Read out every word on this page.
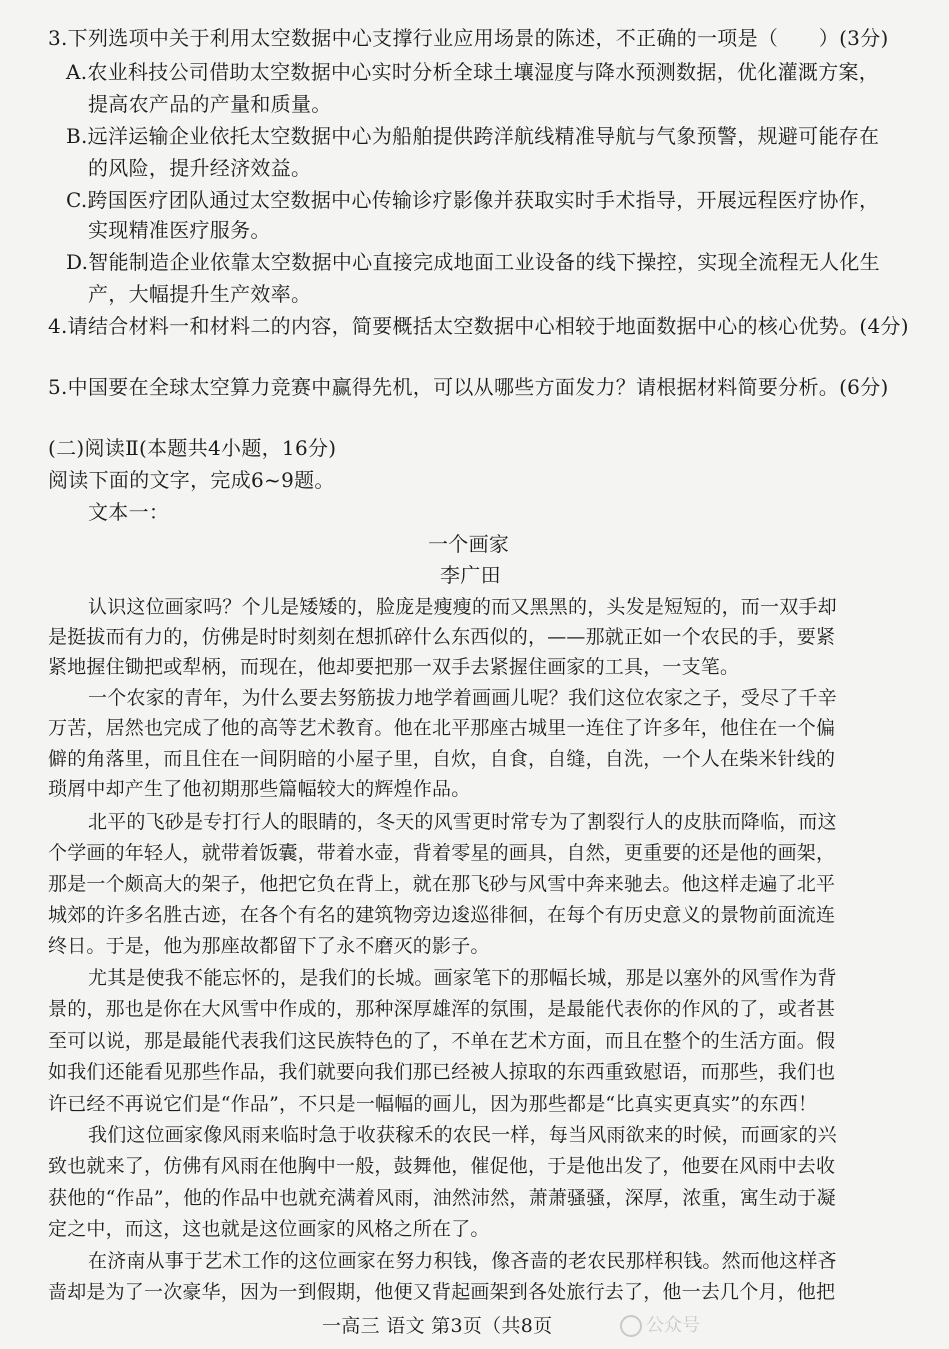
3.下列选项中关于利用太空数据中心支撑行业应用场景的陈述，不正确的一项是（　　）(3分)
A.农业科技公司借助太空数据中心实时分析全球土壤湿度与降水预测数据，优化灌溉方案，
提高农产品的产量和质量。
B.远洋运输企业依托太空数据中心为船舶提供跨洋航线精准导航与气象预警，规避可能存在
的风险，提升经济效益。
C.跨国医疗团队通过太空数据中心传输诊疗影像并获取实时手术指导，开展远程医疗协作，
实现精准医疗服务。
D.智能制造企业依靠太空数据中心直接完成地面工业设备的线下操控，实现全流程无人化生
产，大幅提升生产效率。
4.请结合材料一和材料二的内容，简要概括太空数据中心相较于地面数据中心的核心优势。(4分)
5.中国要在全球太空算力竞赛中赢得先机，可以从哪些方面发力？请根据材料简要分析。(6分)
(二)阅读Ⅱ(本题共4小题，16分)
阅读下面的文字，完成6~9题。
文本一：
一个画家
李广田
认识这位画家吗？个儿是矮矮的，脸庞是瘦瘦的而又黑黑的，头发是短短的，而一双手却
是挺拔而有力的，仿佛是时时刻刻在想抓碎什么东西似的，——那就正如一个农民的手，要紧
紧地握住锄把或犁柄，而现在，他却要把那一双手去紧握住画家的工具，一支笔。
一个农家的青年，为什么要去努筋拔力地学着画画儿呢？我们这位农家之子，受尽了千辛
万苦，居然也完成了他的高等艺术教育。他在北平那座古城里一连住了许多年，他住在一个偏
僻的角落里，而且住在一间阴暗的小屋子里，自炊，自食，自缝，自洗，一个人在柴米针线的
琐屑中却产生了他初期那些篇幅较大的辉煌作品。
北平的飞砂是专打行人的眼睛的，冬天的风雪更时常专为了割裂行人的皮肤而降临，而这
个学画的年轻人，就带着饭囊，带着水壶，背着零星的画具，自然，更重要的还是他的画架，
那是一个颇高大的架子，他把它负在背上，就在那飞砂与风雪中奔来驰去。他这样走遍了北平
城郊的许多名胜古迹，在各个有名的建筑物旁边逡巡徘徊，在每个有历史意义的景物前面流连
终日。于是，他为那座故都留下了永不磨灭的影子。
尤其是使我不能忘怀的，是我们的长城。画家笔下的那幅长城，那是以塞外的风雪作为背
景的，那也是你在大风雪中作成的，那种深厚雄浑的氛围，是最能代表你的作风的了，或者甚
至可以说，那是最能代表我们这民族特色的了，不单在艺术方面，而且在整个的生活方面。假
如我们还能看见那些作品，我们就要向我们那已经被人掠取的东西重致慰语，而那些，我们也
许已经不再说它们是“作品”，不只是一幅幅的画儿，因为那些都是“比真实更真实”的东西！
我们这位画家像风雨来临时急于收获稼禾的农民一样，每当风雨欲来的时候，而画家的兴
致也就来了，仿佛有风雨在他胸中一般，鼓舞他，催促他，于是他出发了，他要在风雨中去收
获他的“作品”，他的作品中也就充满着风雨，油然沛然，萧萧骚骚，深厚，浓重，寓生动于凝
定之中，而这，这也就是这位画家的风格之所在了。
在济南从事于艺术工作的这位画家在努力积钱，像吝啬的老农民那样积钱。然而他这样吝
啬却是为了一次豪华，因为一到假期，他便又背起画架到各处旅行去了，他一去几个月，他把
一高三 语文 第3页（共8页	公众号
